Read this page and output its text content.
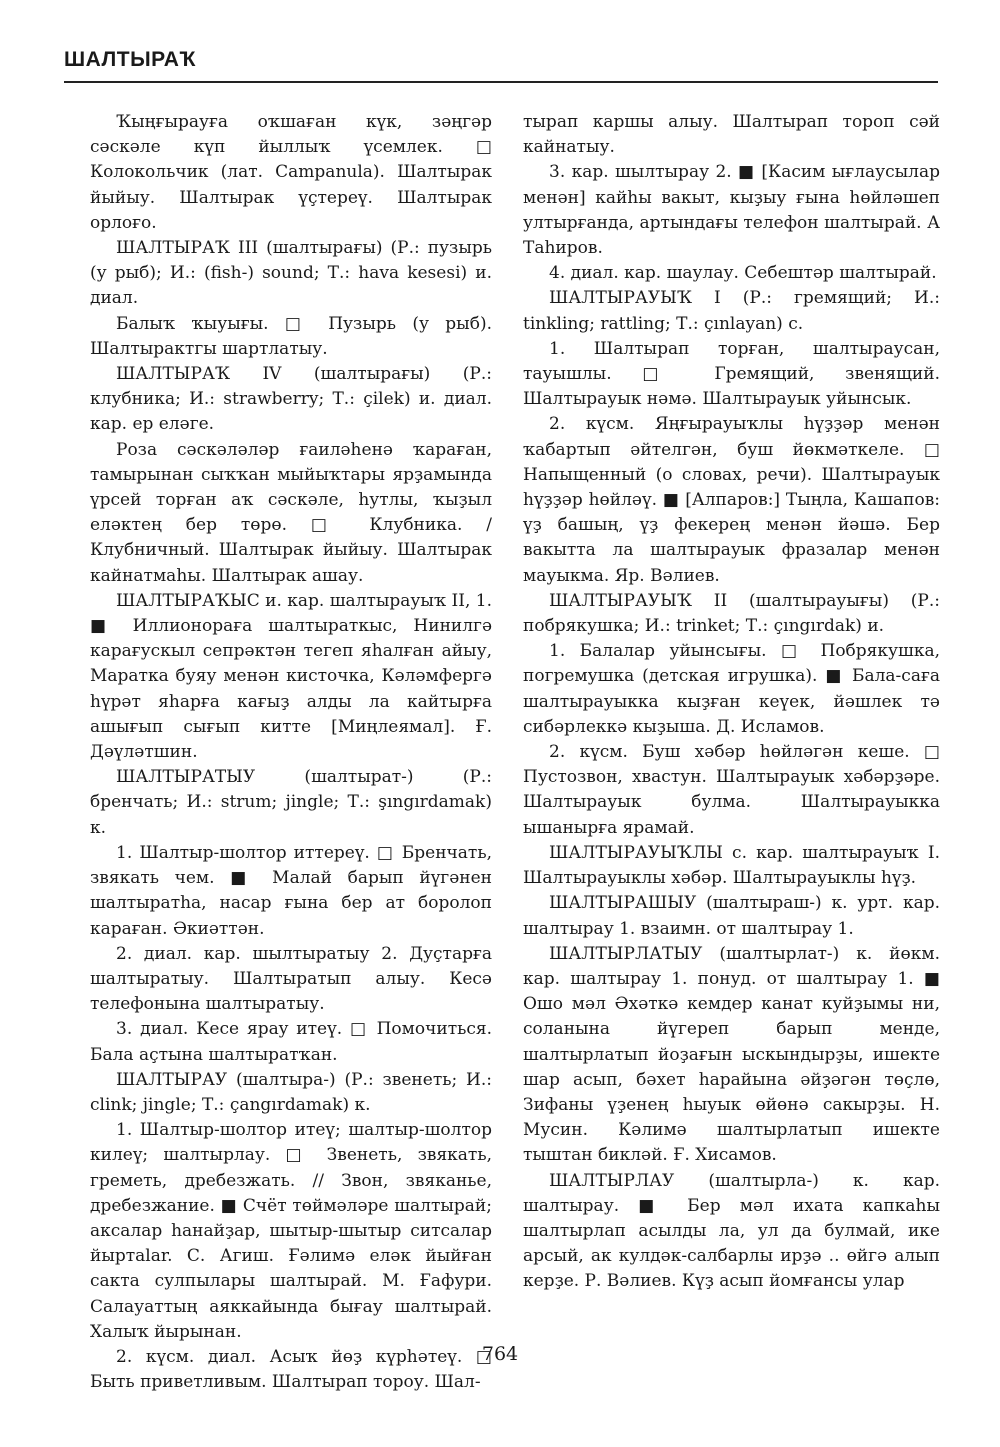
ШАЛТЫРАҠ

Ҡыңғырауға оҡшаған күк, зәңгәр сәскәле күп йыллыҡ үсемлек. □ Колокольчик (лат. Campanula). Шалтырак йыйыу. Шалтырак үҫтереү. Шалтырак орлоғо.

ШАЛТЫРАҠ III (шалтырағы) (Р.: пузырь (у рыб); И.: (fish-) sound; Т.: hava kesesi) и. диал.

Балыҡ ҡыуығы. □ Пузырь (у рыб). Шалтырактгы шартлатыу.

ШАЛТЫРАҠ IV (шалтырағы) (Р.: клубника; И.: strawberry; Т.: çilek) и. диал. кар. ер еләге.

Роза сәскәләләр ғаиләһенә ҡараған, тамырынан сыҡҡан мыйыҡтары ярҙамында үрсей торған аҡ сәскәле, һутлы, ҡыҙыл еләктең бер төрө. □ Клубника. / Клубничный. Шалтырак йыйыу. Шалтырак кайнатмаһы. Шалтырак ашау.

ШАЛТЫРАҠЫС и. кар. шалтырауыҡ II, 1. ■ Иллионораға шалтыраткыс, Нинилгә карағускыл сепрәктән тегеп яһалған айыу, Маратка буяу менән кисточка, Кәләмфергә һүрәт яһарға кағыҙ алды ла кайтырға ашығып сығып китте [Миңлеямал]. Ғ. Дәүләтшин.

ШАЛТЫРАТЫУ (шалтырат-) (Р.: бренчать; И.: strum; jingle; Т.: şıngırdamak) к.

1. Шалтыр-шолтор иттереү. □ Бренчать, звякать чем. ■ Малай барып йүгәнен шалтыратһа, насар ғына бер ат боролоп караған. Әкиәттән.

2. диал. кар. шылтыратыу 2. Дуҫтарға шалтыратыу. Шалтыратып алыу. Кесә телефонына шалтыратыу.

3. диал. Кесе яраy итеү. □ Помочиться. Бала аҫтына шалтыратҡан.

ШАЛТЫРАУ (шалтыра-) (Р.: звенеть; И.: clink; jingle; Т.: çangırdamak) к.

1. Шалтыр-шолтор итеү; шалтыр-шолтор килеү; шалтырлау. □ Звенеть, звякать, греметь, дребезжать. // Звон, звяканье, дребезжание. ■ Счёт төймәләре шалтырай; аксалар һанайҙар, шытыр-шытыр ситсалар йыртalar. С. Агиш. Ғәлимә еләк йыйған сакта сулпылары шалтырай. М. Ғафури. Салауаттың аяккайында бығау шалтырай. Халыҡ йырынан.

2. күсм. диал. Асыҡ йөҙ күрһәтеү. □ Быть приветливым. Шалтырап тороу. Шал-

тырап каршы алыу. Шалтырап тороп сәй кайнатыу.

3. кар. шылтырау 2. ■ [Касим ығлаусылар менән] кайһы вакыт, кыҙыу ғына һөйләшеп ултырғанда, артындағы телефон шалтырай. А Таһиров.

4. диал. кар. шаулау. Себештәр шалтырай.

ШАЛТЫРАУЫҠ I (Р.: гремящий; И.: tinkling; rattling; Т.: çınlayan) с.

1. Шалтырап торған, шалтыраусан, тауышлы. □ Гремящий, звенящий. Шалтырауык нәмә. Шалтырауык уйынсык.

2. күсм. Яңғырауыҡлы һүҙҙәр менән ҡабартып әйтелгән, буш йөкмәткеле. □ Напыщенный (о словах, речи). Шалтырауык һүҙҙәр һөйләү. ■ [Алпаров:] Тыңла, Кашапов: үҙ башың, үҙ фекерең менән йәшә. Бер вакытта ла шалтырауык фразалар менән мауыкма. Яр. Вәлиев.

ШАЛТЫРАУЫҠ II (шалтырауығы) (Р.: побрякушка; И.: trinket; Т.: çıngırdak) и.

1. Балалар уйынсығы. □ Побрякушка, погремушка (детская игрушка). ■ Бала-сағa шалтырауыкка кыҙған кеүек, йәшлек тә сибәрлеккә кыҙыша. Д. Исламов.

2. күсм. Буш хәбәр һөйләгән кеше. □ Пустозвон, хвастун. Шалтырауык хәбәрҙәре. Шалтырауык булма. Шалтырауыкка ышанырға ярамай.

ШАЛТЫРАУЫҠЛЫ с. кар. шалтырауыҡ I. Шалтырауыклы хәбәр. Шалтырауыклы һүҙ.

ШАЛТЫРАШЫУ (шалтыраш-) к. урт. кар. шалтырау 1. взаимн. от шалтырау 1.

ШАЛТЫРЛАТЫУ (шалтырлат-) к. йөкм. кар. шалтырау 1. понуд. от шалтырау 1. ■ Ошо мәл Әхәткә кемдер канат куйҙымы ни, соланына йүгереп барып менде, шалтырлатып йоҙағын ыскындырҙы, ишекте шар асып, бәхет һарайына әйҙәгән төҫлө, Зифаны үҙенең һыуык өйөнә сакырҙы. Н. Мусин. Кәлимә шалтырлатып ишекте тыштан бикләй. Ғ. Хисамов.

ШАЛТЫРЛАУ (шалтырла-) к. кар. шалтырау. ■ Бер мәл ихата капкаһы шалтырлап асылды ла, ул да булмай, ике арсый, ак кулдәк-салбарлы ирҙә .. өйгә алып керҙе. Р. Вәлиев. Күҙ асып йомғансы улар

764
